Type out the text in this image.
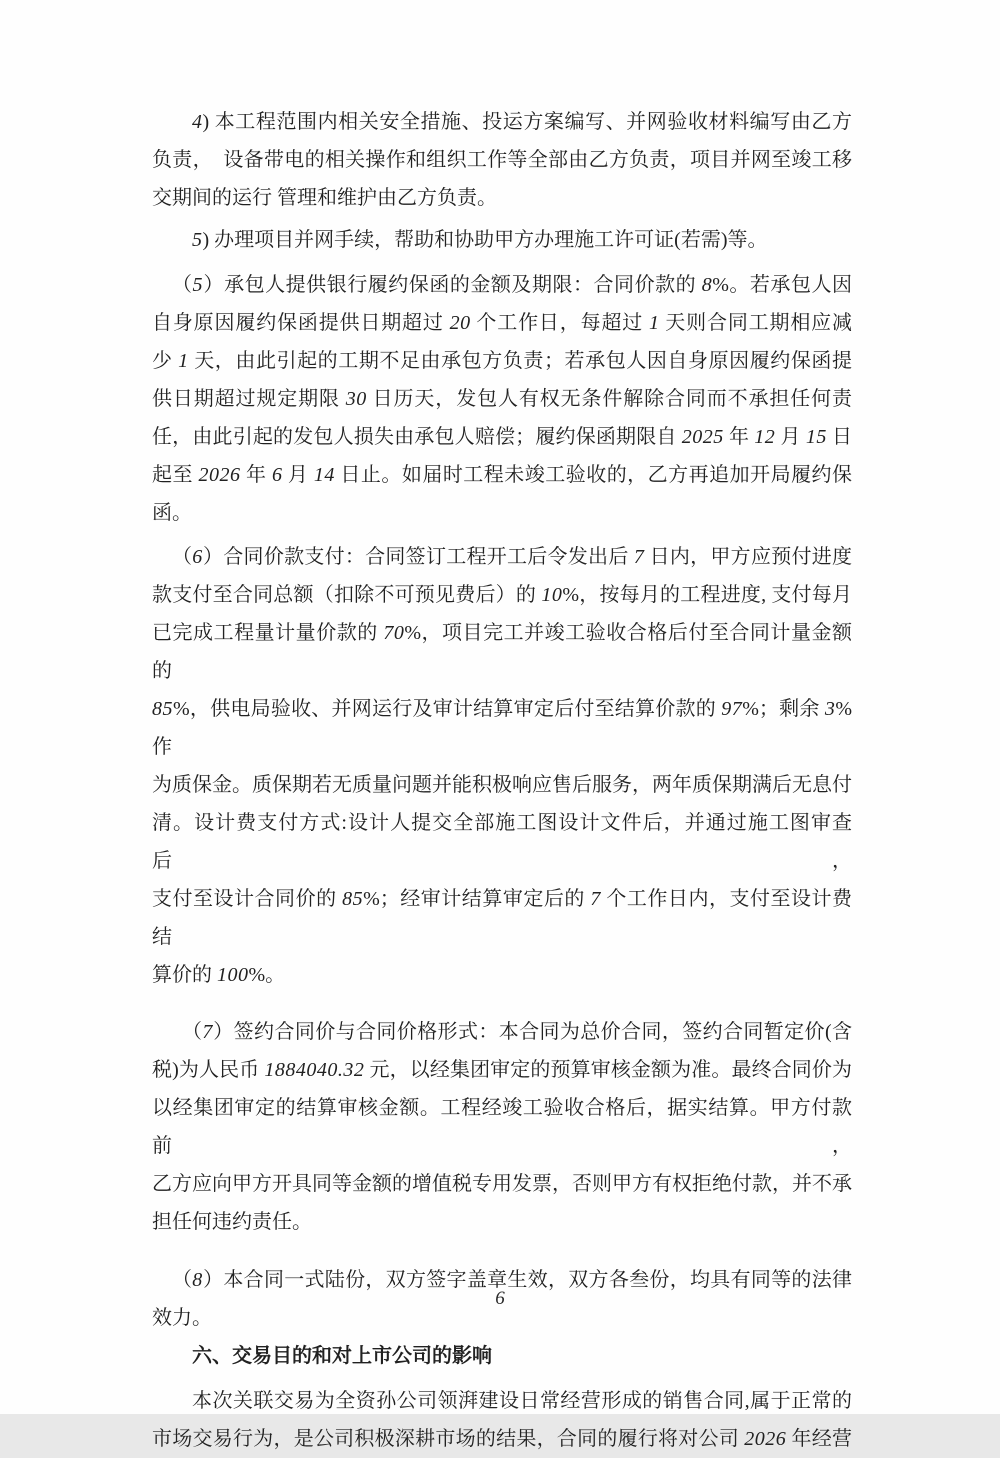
4) 本工程范围内相关安全措施、投运方案编写、并网验收材料编写由乙方
负责，  设备带电的相关操作和组织工作等全部由乙方负责，项目并网至竣工移
交期间的运行 管理和维护由乙方负责。
5) 办理项目并网手续，帮助和协助甲方办理施工许可证(若需)等。
（5）承包人提供银行履约保函的金额及期限：合同价款的 8%。若承包人因
自身原因履约保函提供日期超过 20 个工作日，每超过 1 天则合同工期相应减
少 1 天，由此引起的工期不足由承包方负责；若承包人因自身原因履约保函提
供日期超过规定期限 30 日历天，发包人有权无条件解除合同而不承担任何责
任，由此引起的发包人损失由承包人赔偿；履约保函期限自 2025 年 12 月 15 日
起至 2026 年 6 月 14 日止。如届时工程未竣工验收的，乙方再追加开局履约保
函。
（6）合同价款支付：合同签订工程开工后令发出后 7 日内，甲方应预付进度
款支付至合同总额（扣除不可预见费后）的 10%，按每月的工程进度, 支付每月
已完成工程量计量价款的 70%，项目完工并竣工验收合格后付至合同计量金额的
85%，供电局验收、并网运行及审计结算审定后付至结算价款的 97%；剩余 3%作
为质保金。质保期若无质量问题并能积极响应售后服务，两年质保期满后无息付
清。设计费支付方式:设计人提交全部施工图设计文件后，并通过施工图审查后，
支付至设计合同价的 85%；经审计结算审定后的 7 个工作日内，支付至设计费结
算价的 100%。
（7）签约合同价与合同价格形式：本合同为总价合同，签约合同暂定价(含
税)为人民币 1884040.32 元，以经集团审定的预算审核金额为准。最终合同价为
以经集团审定的结算审核金额。工程经竣工验收合格后，据实结算。甲方付款前，
乙方应向甲方开具同等金额的增值税专用发票，否则甲方有权拒绝付款，并不承
担任何违约责任。
（8）本合同一式陆份，双方签字盖章生效，双方各叁份，均具有同等的法律
效力。
六、交易目的和对上市公司的影响
本次关联交易为全资孙公司领湃建设日常经营形成的销售合同,属于正常的
市场交易行为，是公司积极深耕市场的结果，合同的履行将对公司 2026 年经营
6
